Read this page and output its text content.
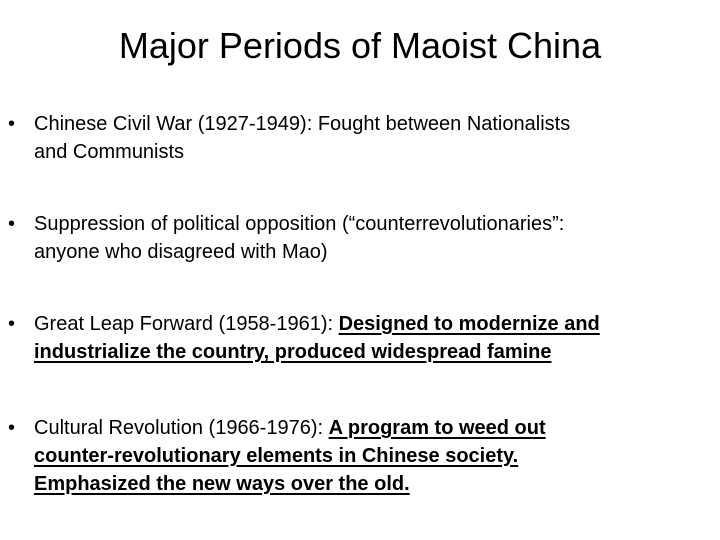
Major Periods of Maoist China
• Chinese Civil War (1927-1949): Fought between Nationalists
and Communists
• Suppression of political opposition (“counterrevolutionaries”:
anyone who disagreed with Mao)
• Great Leap Forward (1958-1961): Designed to modernize and
industrialize the country, produced widespread famine
• Cultural Revolution (1966-1976): A program to weed out
counter-revolutionary elements in Chinese society.
Emphasized the new ways over the old.
